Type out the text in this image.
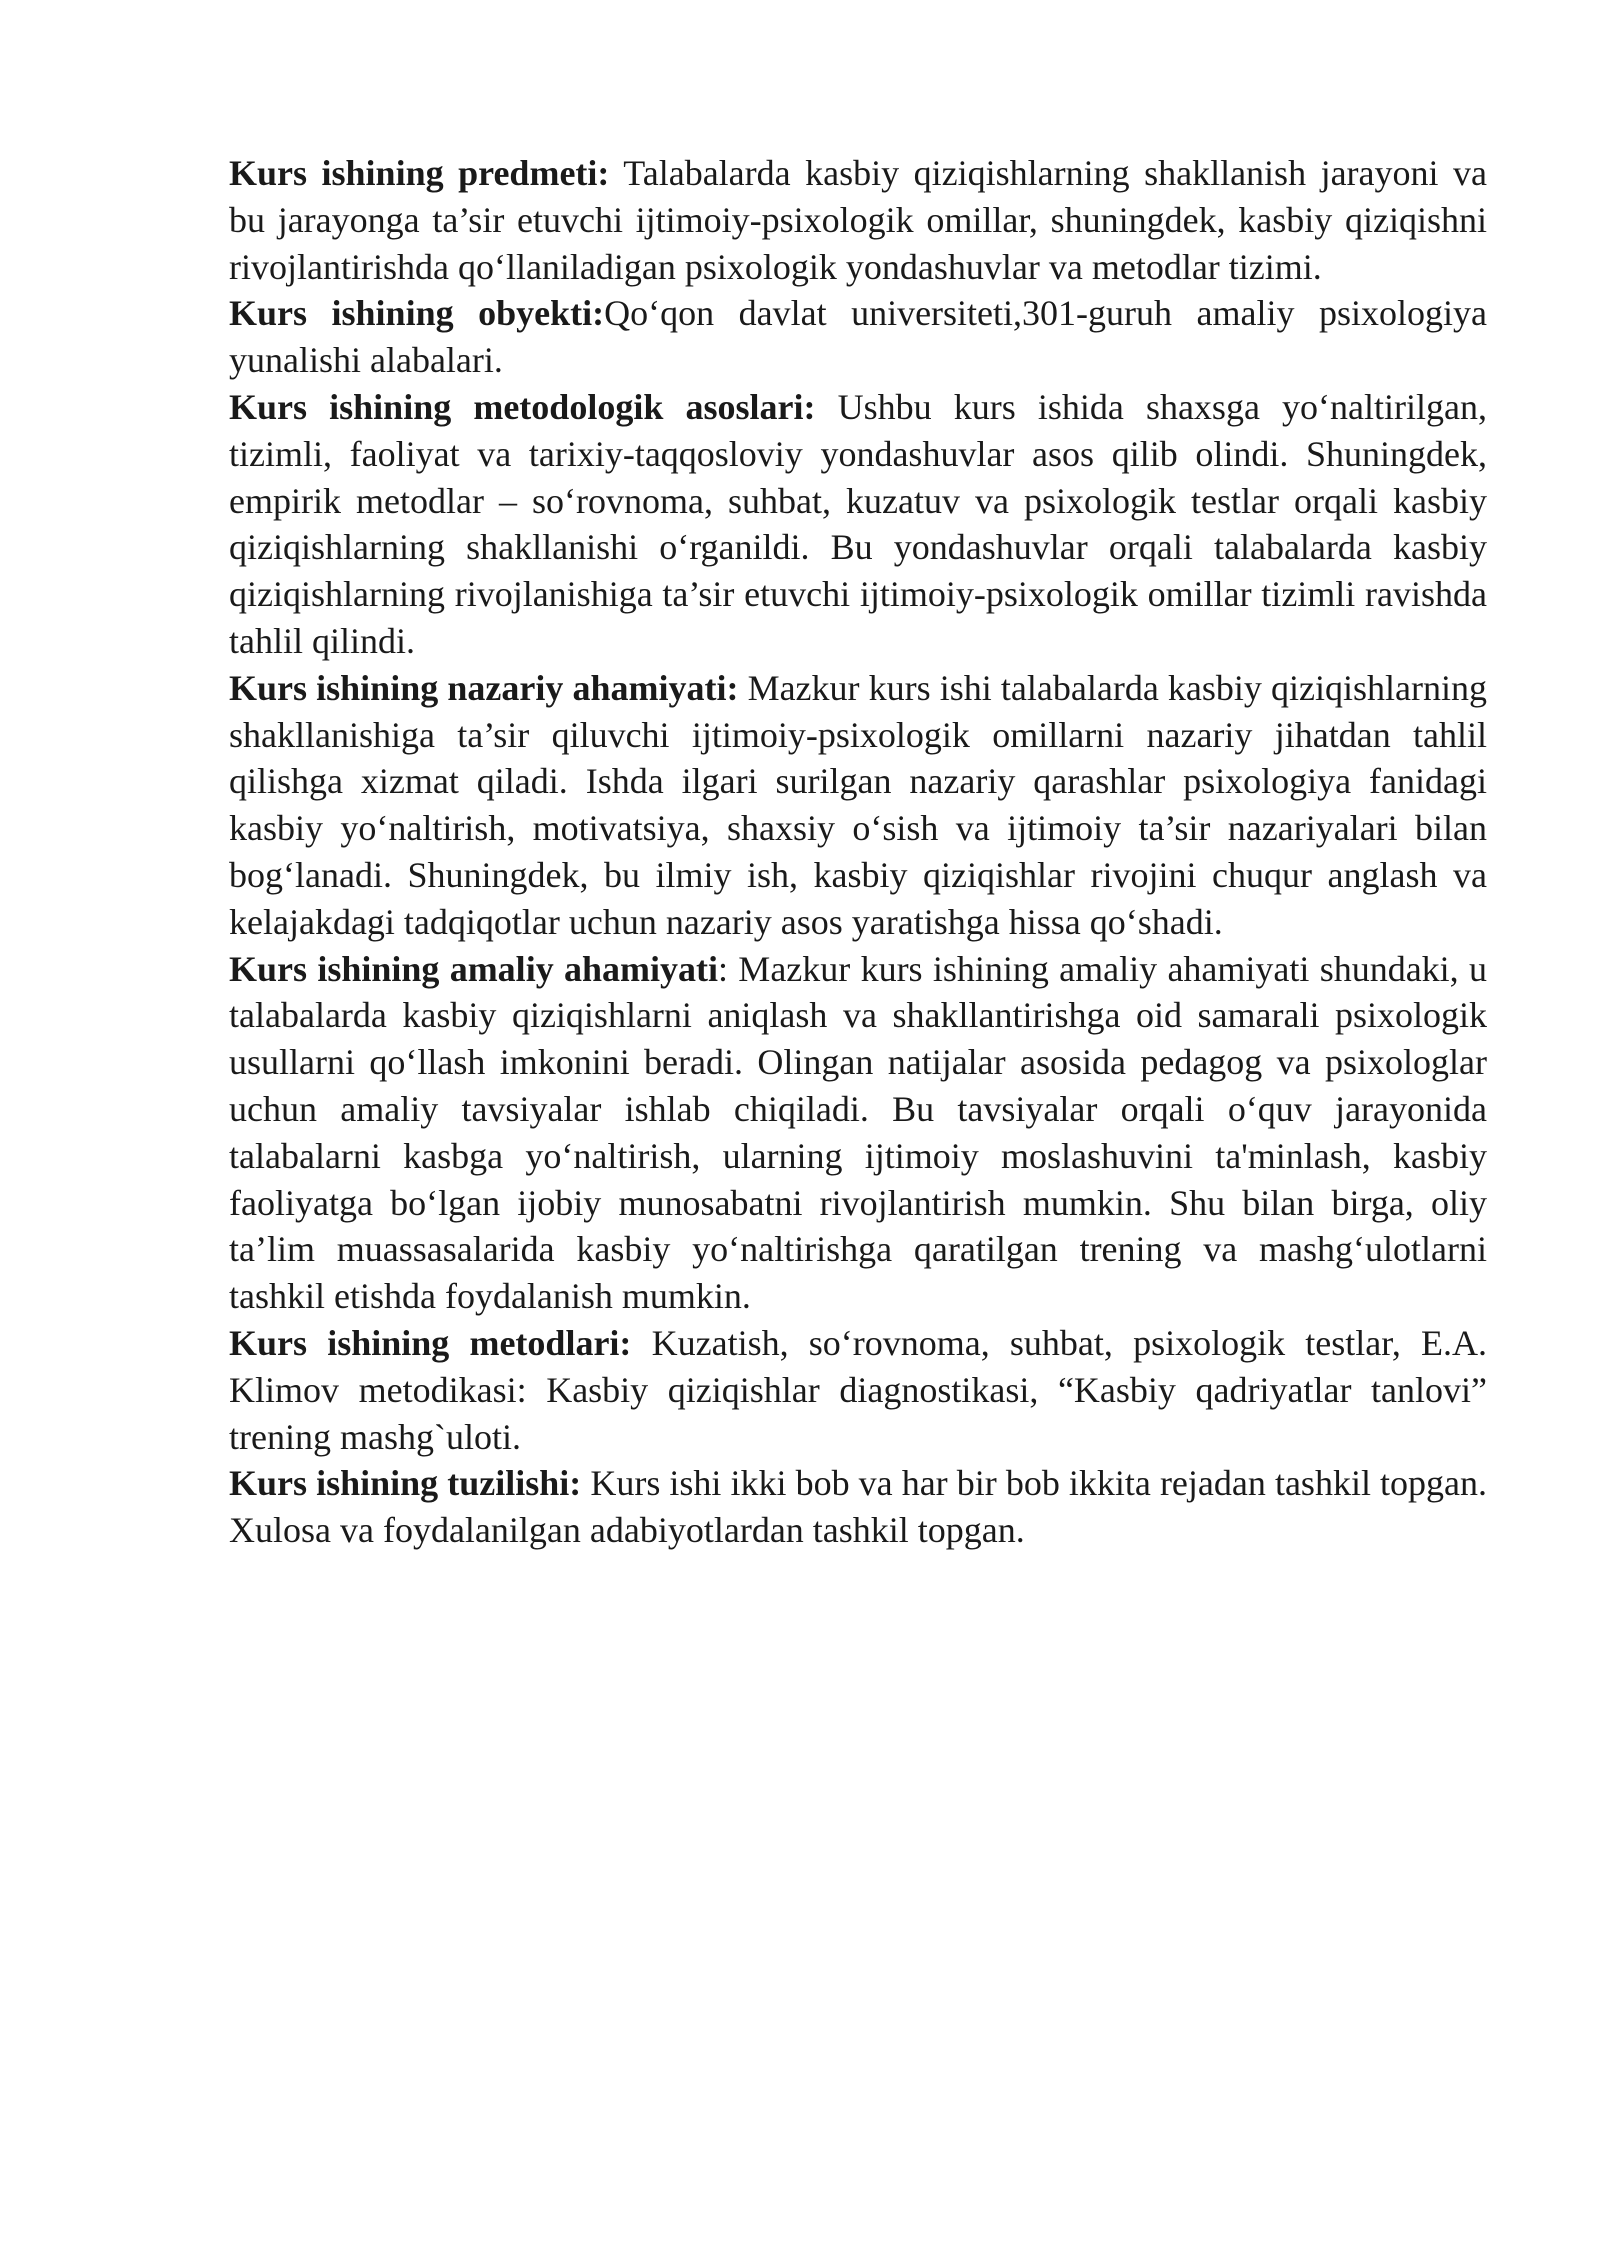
Kurs ishining predmeti: Talabalarda kasbiy qiziqishlarning shakllanish jarayoni va bu jarayonga ta’sir etuvchi ijtimoiy-psixologik omillar, shuningdek, kasbiy qiziqishni rivojlantirishda qo‘llaniladigan psixologik yondashuvlar va metodlar tizimi.

Kurs ishining obyekti:Qo‘qon davlat universiteti,301-guruh amaliy psixologiya yunalishi alabalari.

Kurs ishining metodologik asoslari: Ushbu kurs ishida shaxsga yo‘naltirilgan, tizimli, faoliyat va tarixiy-taqqosloviy yondashuvlar asos qilib olindi. Shuningdek, empirik metodlar – so‘rovnoma, suhbat, kuzatuv va psixologik testlar orqali kasbiy qiziqishlarning shakllanishi o‘rganildi. Bu yondashuvlar orqali talabalarda kasbiy qiziqishlarning rivojlanishiga ta’sir etuvchi ijtimoiy-psixologik omillar tizimli ravishda tahlil qilindi.

Kurs ishining nazariy ahamiyati: Mazkur kurs ishi talabalarda kasbiy qiziqishlarning shakllanishiga ta’sir qiluvchi ijtimoiy-psixologik omillarni nazariy jihatdan tahlil qilishga xizmat qiladi. Ishda ilgari surilgan nazariy qarashlar psixologiya fanidagi kasbiy yo‘naltirish, motivatsiya, shaxsiy o‘sish va ijtimoiy ta’sir nazariyalari bilan bog‘lanadi. Shuningdek, bu ilmiy ish, kasbiy qiziqishlar rivojini chuqur anglash va kelajakdagi tadqiqotlar uchun nazariy asos yaratishga hissa qo‘shadi.

Kurs ishining amaliy ahamiyati: Mazkur kurs ishining amaliy ahamiyati shundaki, u talabalarda kasbiy qiziqishlarni aniqlash va shakllantirishga oid samarali psixologik usullarni qo‘llash imkonini beradi. Olingan natijalar asosida pedagog va psixologlar uchun amaliy tavsiyalar ishlab chiqiladi. Bu tavsiyalar orqali o‘quv jarayonida talabalarni kasbga yo‘naltirish, ularning ijtimoiy moslashuvini ta'minlash, kasbiy faoliyatga bo‘lgan ijobiy munosabatni rivojlantirish mumkin. Shu bilan birga, oliy ta’lim muassasalarida kasbiy yo‘naltirishga qaratilgan trening va mashg‘ulotlarni tashkil etishda foydalanish mumkin.

Kurs ishining metodlari: Kuzatish, so‘rovnoma, suhbat, psixologik testlar, E.A. Klimov metodikasi: Kasbiy qiziqishlar diagnostikasi, “Kasbiy qadriyatlar tanlovi” trening mashg`uloti.

Kurs ishining tuzilishi: Kurs ishi ikki bob va har bir bob ikkita rejadan tashkil topgan. Xulosa va foydalanilgan adabiyotlardan tashkil topgan.
